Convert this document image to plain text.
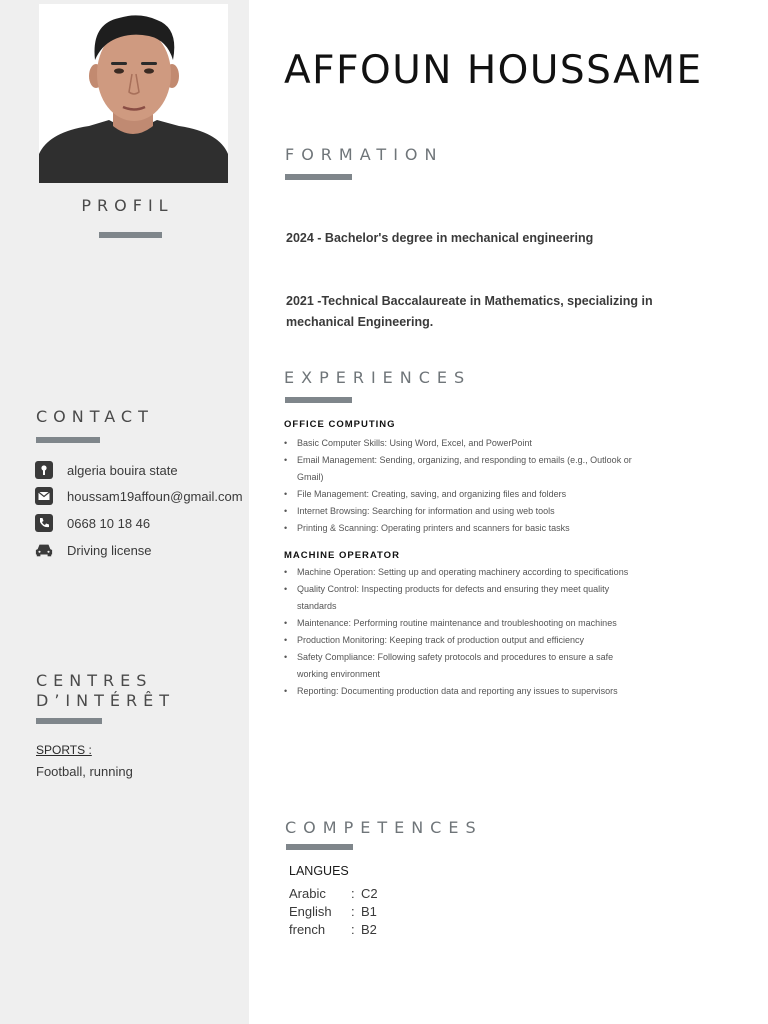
PROFIL
CONTACT
algeria bouira state
houssam19affoun@gmail.com
0668 10 18 46
Driving license
CENTRES
D’INTÉRÊT
SPORTS :
Football, running
AFFOUN HOUSSAME
FORMATION
2024 - Bachelor's degree in mechanical engineering
2021 -Technical Baccalaureate in Mathematics, specializing in mechanical Engineering.
EXPERIENCES
OFFICE COMPUTING
• Basic Computer Skills: Using Word, Excel, and PowerPoint
• Email Management: Sending, organizing, and responding to emails (e.g., Outlook or Gmail)
• File Management: Creating, saving, and organizing files and folders
• Internet Browsing: Searching for information and using web tools
• Printing & Scanning: Operating printers and scanners for basic tasks
MACHINE OPERATOR
• Machine Operation: Setting up and operating machinery according to specifications
• Quality Control: Inspecting products for defects and ensuring they meet quality standards
• Maintenance: Performing routine maintenance and troubleshooting on machines
• Production Monitoring: Keeping track of production output and efficiency
• Safety Compliance: Following safety protocols and procedures to ensure a safe working environment
• Reporting: Documenting production data and reporting any issues to supervisors
COMPETENCES
LANGUES
Arabic	: C2
English	: B1
french	: B2
